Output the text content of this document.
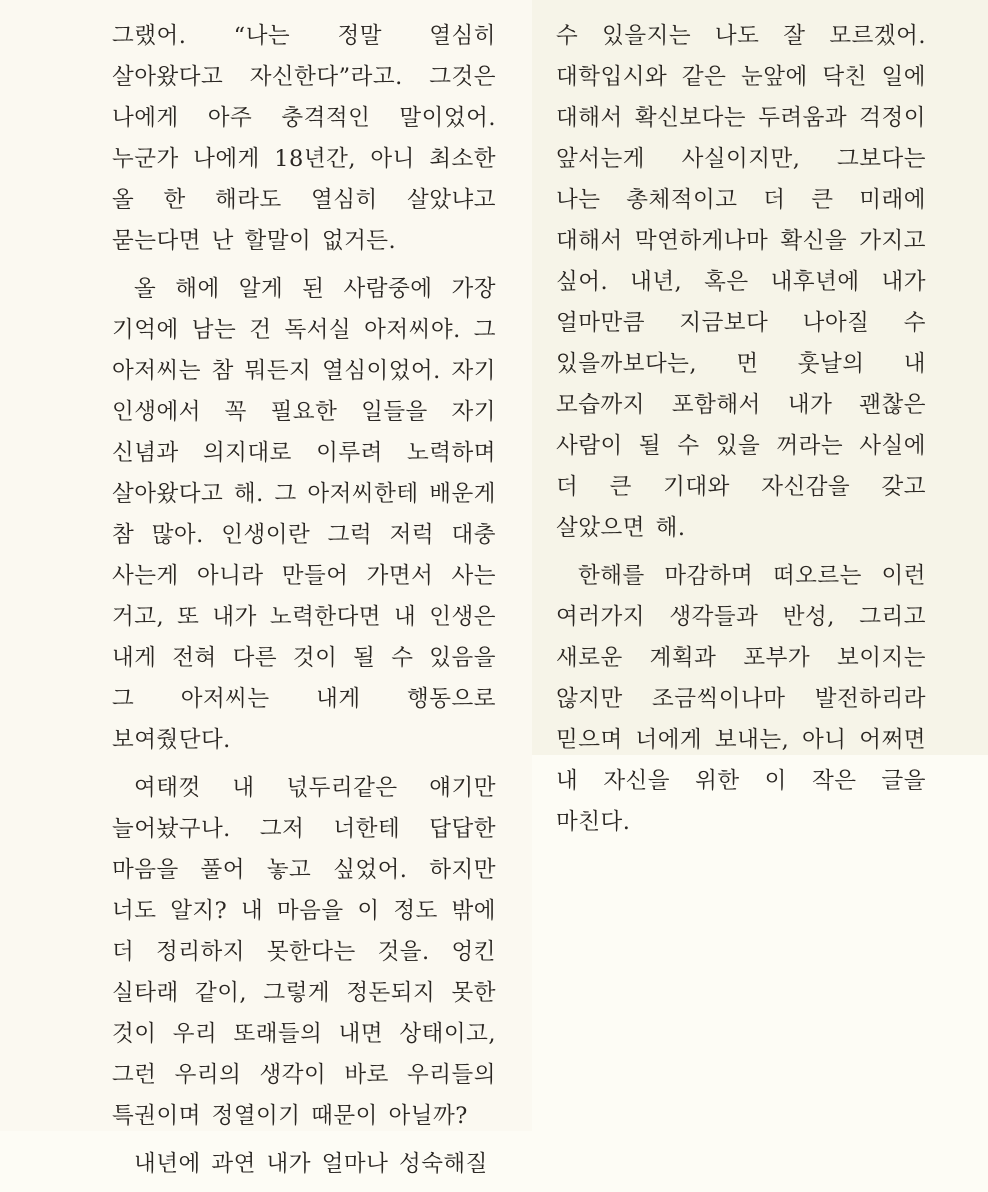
그랬어. “나는 정말 열심히 살아왔다고 자신한다”라고. 그것은 나에게 아주 충격적인 말이었어. 누군가 나에게 18년간, 아니 최소한 올 한 해라도 열심히 살았냐고 묻는다면 난 할말이 없거든.

올 해에 알게 된 사람중에 가장 기억에 남는 건 독서실 아저씨야. 그 아저씨는 참 뭐든지 열심이었어. 자기 인생에서 꼭 필요한 일들을 자기 신념과 의지대로 이루려 노력하며 살아왔다고 해. 그 아저씨한테 배운게 참 많아. 인생이란 그럭 저럭 대충 사는게 아니라 만들어 가면서 사는 거고, 또 내가 노력한다면 내 인생은 내게 전혀 다른 것이 될 수 있음을 그 아저씨는 내게 행동으로 보여줬단다.

여태껏 내 넋두리같은 얘기만 늘어놨구나. 그저 너한테 답답한 마음을 풀어 놓고 싶었어. 하지만 너도 알지? 내 마음을 이 정도 밖에 더 정리하지 못한다는 것을. 엉킨 실타래 같이, 그렇게 정돈되지 못한 것이 우리 또래들의 내면 상태이고, 그런 우리의 생각이 바로 우리들의 특권이며 정열이기 때문이 아닐까?

내년에 과연 내가 얼마나 성숙해질

수 있을지는 나도 잘 모르겠어. 대학입시와 같은 눈앞에 닥친 일에 대해서 확신보다는 두려움과 걱정이 앞서는게 사실이지만, 그보다는 나는 총체적이고 더 큰 미래에 대해서 막연하게나마 확신을 가지고 싶어. 내년, 혹은 내후년에 내가 얼마만큼 지금보다 나아질 수 있을까보다는, 먼 훗날의 내 모습까지 포함해서 내가 괜찮은 사람이 될 수 있을 꺼라는 사실에 더 큰 기대와 자신감을 갖고 살았으면 해.

한해를 마감하며 떠오르는 이런 여러가지 생각들과 반성, 그리고 새로운 계획과 포부가 보이지는 않지만 조금씩이나마 발전하리라 믿으며 너에게 보내는, 아니 어쩌면 내 자신을 위한 이 작은 글을 마친다.
